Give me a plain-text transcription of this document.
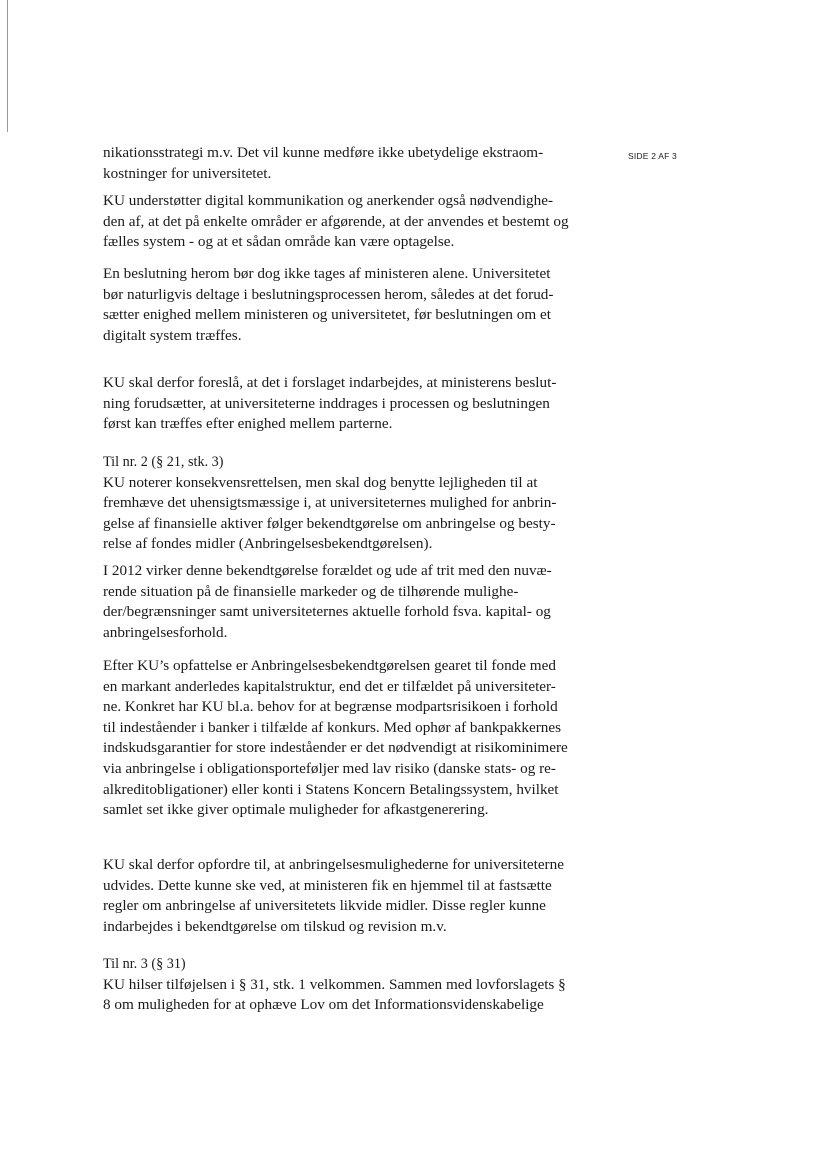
SIDE 2 AF 3
nikationsstrategi m.v. Det vil kunne medføre ikke ubetydelige ekstraom-
kostninger for universitetet.
KU understøtter digital kommunikation og anerkender også nødvendighe-
den af, at det på enkelte områder er afgørende, at der anvendes et bestemt og
fælles system - og at et sådan område kan være optagelse.
En beslutning herom bør dog ikke tages af ministeren alene. Universitetet
bør naturligvis deltage i beslutningsprocessen herom, således at det forud-
sætter enighed mellem ministeren og universitetet, før beslutningen om et
digitalt system træffes.
KU skal derfor foreslå, at det i forslaget indarbejdes, at ministerens beslut-
ning forudsætter, at universiteterne inddrages i processen og beslutningen
først kan træffes efter enighed mellem parterne.
Til nr. 2 (§ 21, stk. 3)
KU noterer konsekvensrettelsen, men skal dog benytte lejligheden til at
fremhæve det uhensigtsmæssige i, at universiteternes mulighed for anbrin-
gelse af finansielle aktiver følger bekendtgørelse om anbringelse og besty-
relse af fondes midler (Anbringelsesbekendtgørelsen).
I 2012 virker denne bekendtgørelse forældet og ude af trit med den nuvæ-
rende situation på de finansielle markeder og de tilhørende mulighe-
der/begrænsninger samt universiteternes aktuelle forhold fsva. kapital- og
anbringelsesforhold.
Efter KU’s opfattelse er Anbringelsesbekendtgørelsen gearet til fonde med
en markant anderledes kapitalstruktur, end det er tilfældet på universiteter-
ne. Konkret har KU bl.a. behov for at begrænse modpartsrisikoen i forhold
til indeståender i banker i tilfælde af konkurs. Med ophør af bankpakkernes
indskudsgarantier for store indeståender er det nødvendigt at risikominimere
via anbringelse i obligationsporteføljer med lav risiko (danske stats- og re-
alkreditobligationer) eller konti i Statens Koncern Betalingssystem, hvilket
samlet set ikke giver optimale muligheder for afkastgenerering.
KU skal derfor opfordre til, at anbringelsesmulighederne for universiteterne
udvides. Dette kunne ske ved, at ministeren fik en hjemmel til at fastsætte
regler om anbringelse af universitetets likvide midler. Disse regler kunne
indarbejdes i bekendtgørelse om tilskud og revision m.v.
Til nr. 3 (§ 31)
KU hilser tilføjelsen i § 31, stk. 1 velkommen. Sammen med lovforslagets §
8 om muligheden for at ophæve Lov om det Informationsvidenskabelige
